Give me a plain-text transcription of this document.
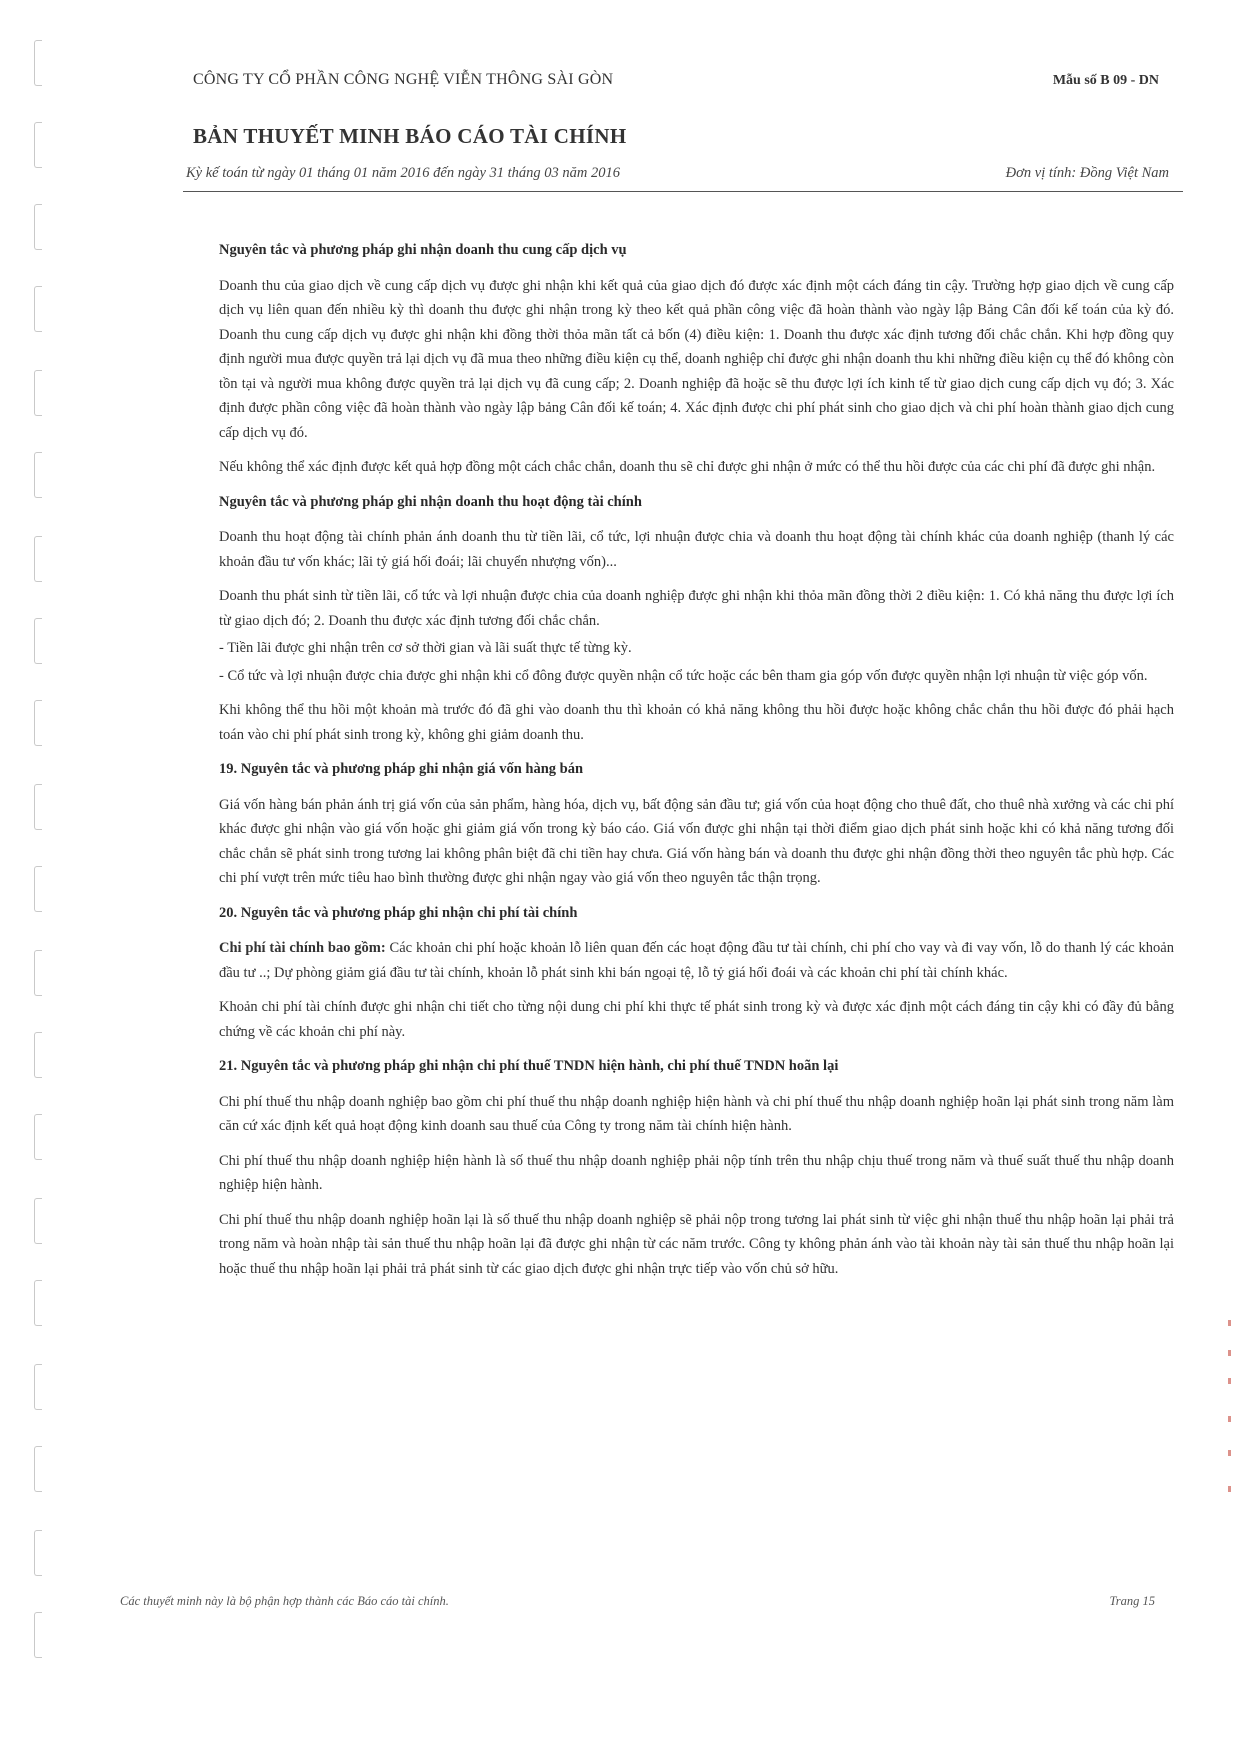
CÔNG TY CỔ PHẦN CÔNG NGHỆ VIỄN THÔNG SÀI GÒN	Mẫu số B 09 - DN
BẢN THUYẾT MINH BÁO CÁO TÀI CHÍNH
Kỳ kế toán từ ngày 01 tháng 01 năm 2016 đến ngày 31 tháng 03 năm 2016	Đơn vị tính: Đồng Việt Nam
Nguyên tắc và phương pháp ghi nhận doanh thu cung cấp dịch vụ

Doanh thu của giao dịch về cung cấp dịch vụ được ghi nhận khi kết quả của giao dịch đó được xác định một cách đáng tin cậy. Trường hợp giao dịch về cung cấp dịch vụ liên quan đến nhiều kỳ thì doanh thu được ghi nhận trong kỳ theo kết quả phần công việc đã hoàn thành vào ngày lập Bảng Cân đối kế toán của kỳ đó. Doanh thu cung cấp dịch vụ được ghi nhận khi đồng thời thỏa mãn tất cả bốn (4) điều kiện: 1. Doanh thu được xác định tương đối chắc chắn. Khi hợp đồng quy định người mua được quyền trả lại dịch vụ đã mua theo những điều kiện cụ thể, doanh nghiệp chỉ được ghi nhận doanh thu khi những điều kiện cụ thể đó không còn tồn tại và người mua không được quyền trả lại dịch vụ đã cung cấp; 2. Doanh nghiệp đã hoặc sẽ thu được lợi ích kinh tế từ giao dịch cung cấp dịch vụ đó; 3. Xác định được phần công việc đã hoàn thành vào ngày lập bảng Cân đối kế toán; 4. Xác định được chi phí phát sinh cho giao dịch và chi phí hoàn thành giao dịch cung cấp dịch vụ đó.

Nếu không thể xác định được kết quả hợp đồng một cách chắc chắn, doanh thu sẽ chỉ được ghi nhận ở mức có thể thu hồi được của các chi phí đã được ghi nhận.

Nguyên tắc và phương pháp ghi nhận doanh thu hoạt động tài chính

Doanh thu hoạt động tài chính phản ánh doanh thu từ tiền lãi, cổ tức, lợi nhuận được chia và doanh thu hoạt động tài chính khác của doanh nghiệp (thanh lý các khoản đầu tư vốn khác; lãi tỷ giá hối đoái; lãi chuyển nhượng vốn)...

Doanh thu phát sinh từ tiền lãi, cổ tức và lợi nhuận được chia của doanh nghiệp được ghi nhận khi thỏa mãn đồng thời 2 điều kiện: 1. Có khả năng thu được lợi ích từ giao dịch đó; 2. Doanh thu được xác định tương đối chắc chắn.

- Tiền lãi được ghi nhận trên cơ sở thời gian và lãi suất thực tế từng kỳ.

- Cổ tức và lợi nhuận được chia được ghi nhận khi cổ đông được quyền nhận cổ tức hoặc các bên tham gia góp vốn được quyền nhận lợi nhuận từ việc góp vốn.

Khi không thể thu hồi một khoản mà trước đó đã ghi vào doanh thu thì khoản có khả năng không thu hồi được hoặc không chắc chắn thu hồi được đó phải hạch toán vào chi phí phát sinh trong kỳ, không ghi giảm doanh thu.

19. Nguyên tắc và phương pháp ghi nhận giá vốn hàng bán

Giá vốn hàng bán phản ánh trị giá vốn của sản phẩm, hàng hóa, dịch vụ, bất động sản đầu tư; giá vốn của hoạt động cho thuê đất, cho thuê nhà xưởng và các chi phí khác được ghi nhận vào giá vốn hoặc ghi giảm giá vốn trong kỳ báo cáo. Giá vốn được ghi nhận tại thời điểm giao dịch phát sinh hoặc khi có khả năng tương đối chắc chắn sẽ phát sinh trong tương lai không phân biệt đã chi tiền hay chưa. Giá vốn hàng bán và doanh thu được ghi nhận đồng thời theo nguyên tắc phù hợp. Các chi phí vượt trên mức tiêu hao bình thường được ghi nhận ngay vào giá vốn theo nguyên tắc thận trọng.

20. Nguyên tắc và phương pháp ghi nhận chi phí tài chính

Chi phí tài chính bao gồm: Các khoản chi phí hoặc khoản lỗ liên quan đến các hoạt động đầu tư tài chính, chi phí cho vay và đi vay vốn, lỗ do thanh lý các khoản đầu tư ..; Dự phòng giảm giá đầu tư tài chính, khoản lỗ phát sinh khi bán ngoại tệ, lỗ tỷ giá hối đoái và các khoản chi phí tài chính khác.

Khoản chi phí tài chính được ghi nhận chi tiết cho từng nội dung chi phí khi thực tế phát sinh trong kỳ và được xác định một cách đáng tin cậy khi có đầy đủ bằng chứng về các khoản chi phí này.

21. Nguyên tắc và phương pháp ghi nhận chi phí thuế TNDN hiện hành, chi phí thuế TNDN hoãn lại

Chi phí thuế thu nhập doanh nghiệp bao gồm chi phí thuế thu nhập doanh nghiệp hiện hành và chi phí thuế thu nhập doanh nghiệp hoãn lại phát sinh trong năm làm căn cứ xác định kết quả hoạt động kinh doanh sau thuế của Công ty trong năm tài chính hiện hành.

Chi phí thuế thu nhập doanh nghiệp hiện hành là số thuế thu nhập doanh nghiệp phải nộp tính trên thu nhập chịu thuế trong năm và thuế suất thuế thu nhập doanh nghiệp hiện hành.

Chi phí thuế thu nhập doanh nghiệp hoãn lại là số thuế thu nhập doanh nghiệp sẽ phải nộp trong tương lai phát sinh từ việc ghi nhận thuế thu nhập hoãn lại phải trả trong năm và hoàn nhập tài sản thuế thu nhập hoãn lại đã được ghi nhận từ các năm trước. Công ty không phản ánh vào tài khoản này tài sản thuế thu nhập hoãn lại hoặc thuế thu nhập hoãn lại phải trả phát sinh từ các giao dịch được ghi nhận trực tiếp vào vốn chủ sở hữu.

Các thuyết minh này là bộ phận hợp thành các Báo cáo tài chính.	Trang 15
